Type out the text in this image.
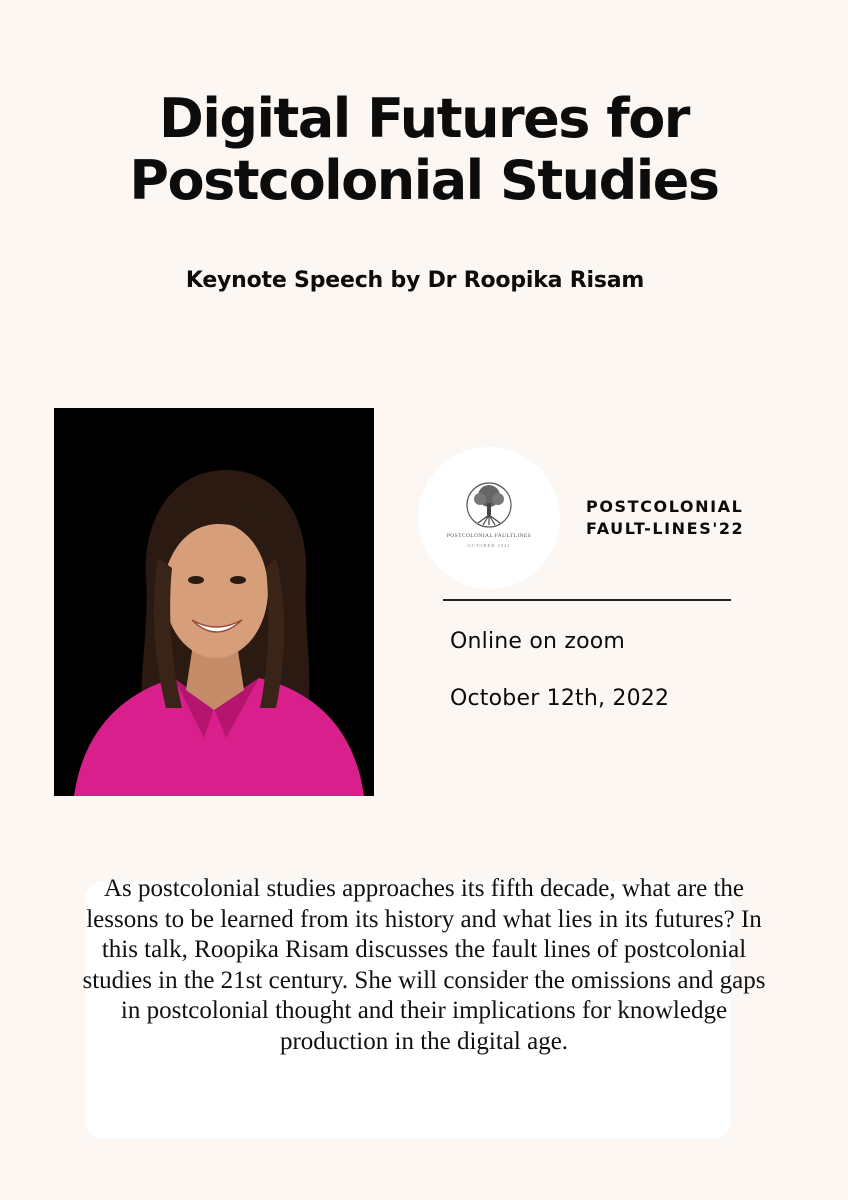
Digital Futures for
Postcolonial Studies
Keynote Speech by Dr Roopika Risam
POSTCOLONIAL FAULTLINES
OCTOBER 2022
POSTCOLONIAL
FAULT-LINES'22
Online on zoom
October 12th, 2022

As postcolonial studies approaches its fifth decade, what are the lessons to be learned from its history and what lies in its futures? In this talk, Roopika Risam discusses the fault lines of postcolonial studies in the 21st century. She will consider the omissions and gaps in postcolonial thought and their implications for knowledge production in the digital age.
